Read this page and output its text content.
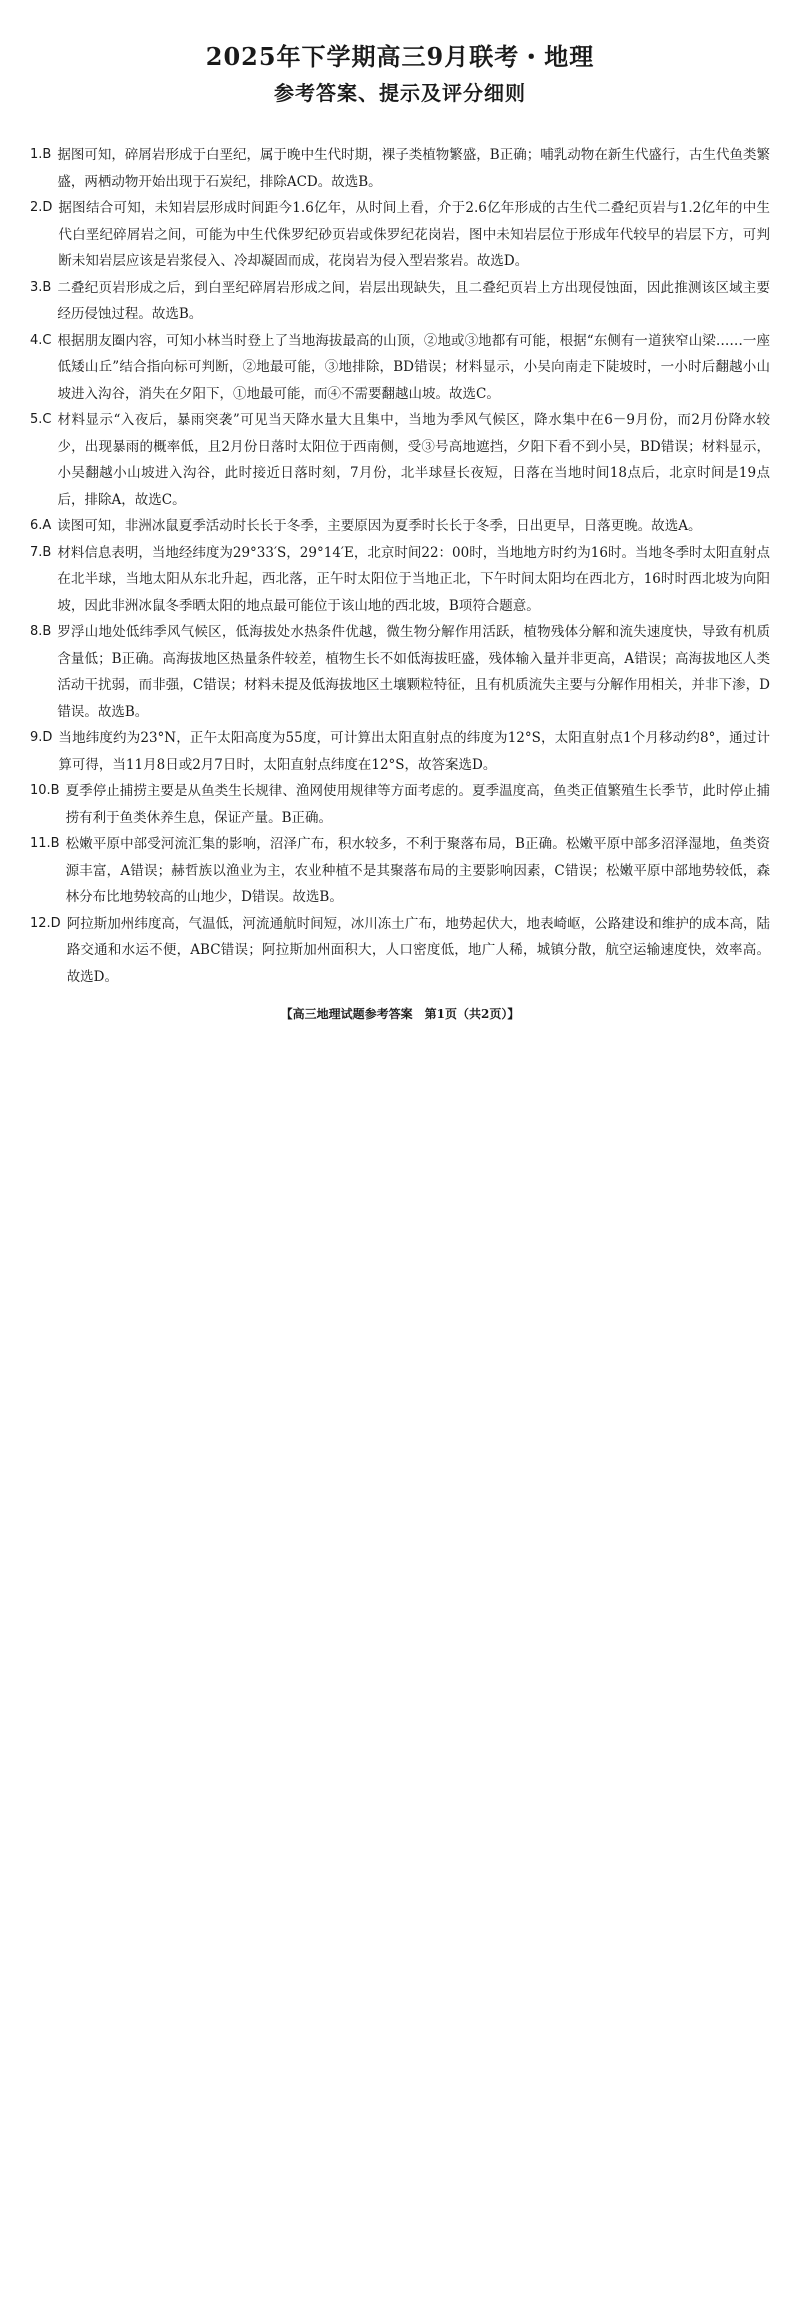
2025年下学期高三9月联考・地理
参考答案、提示及评分细则
1.B 据图可知，碎屑岩形成于白垩纪，属于晚中生代时期，裸子类植物繁盛，B正确；哺乳动物在新生代盛行，古生代鱼类繁盛，两栖动物开始出现于石炭纪，排除ACD。故选B。
2.D 据图结合可知，未知岩层形成时间距今1.6亿年，从时间上看，介于2.6亿年形成的古生代二叠纪页岩与1.2亿年的中生代白垩纪碎屑岩之间，可能为中生代侏罗纪砂页岩或侏罗纪花岗岩，图中未知岩层位于形成年代较早的岩层下方，可判断未知岩层应该是岩浆侵入、冷却凝固而成，花岗岩为侵入型岩浆岩。故选D。
3.B 二叠纪页岩形成之后，到白垩纪碎屑岩形成之间，岩层出现缺失，且二叠纪页岩上方出现侵蚀面，因此推测该区域主要经历侵蚀过程。故选B。
4.C 根据朋友圈内容，可知小林当时登上了当地海拔最高的山顶，②地或③地都有可能，根据“东侧有一道狭窄山梁……一座低矮山丘”结合指向标可判断，②地最可能，③地排除，BD错误；材料显示，小吴向南走下陡坡时，一小时后翻越小山坡进入沟谷，消失在夕阳下，①地最可能，而④不需要翻越山坡。故选C。
5.C 材料显示“入夜后，暴雨突袭”可见当天降水量大且集中，当地为季风气候区，降水集中在6－9月份，而2月份降水较少，出现暴雨的概率低，且2月份日落时太阳位于西南侧，受③号高地遮挡，夕阳下看不到小吴，BD错误；材料显示，小吴翻越小山坡进入沟谷，此时接近日落时刻，7月份，北半球昼长夜短，日落在当地时间18点后，北京时间是19点后，排除A，故选C。
6.A 读图可知，非洲冰鼠夏季活动时长长于冬季，主要原因为夏季时长长于冬季，日出更早，日落更晚。故选A。
7.B 材料信息表明，当地经纬度为29°33′S，29°14′E，北京时间22：00时，当地地方时约为16时。当地冬季时太阳直射点在北半球，当地太阳从东北升起，西北落，正午时太阳位于当地正北，下午时间太阳均在西北方，16时时西北坡为向阳坡，因此非洲冰鼠冬季晒太阳的地点最可能位于该山地的西北坡，B项符合题意。
8.B 罗浮山地处低纬季风气候区，低海拔处水热条件优越，微生物分解作用活跃，植物残体分解和流失速度快，导致有机质含量低；B正确。高海拔地区热量条件较差，植物生长不如低海拔旺盛，残体输入量并非更高，A错误；高海拔地区人类活动干扰弱，而非强，C错误；材料未提及低海拔地区土壤颗粒特征，且有机质流失主要与分解作用相关，并非下渗，D错误。故选B。
9.D 当地纬度约为23°N，正午太阳高度为55度，可计算出太阳直射点的纬度为12°S，太阳直射点1个月移动约8°，通过计算可得，当11月8日或2月7日时，太阳直射点纬度在12°S，故答案选D。
10.B 夏季停止捕捞主要是从鱼类生长规律、渔网使用规律等方面考虑的。夏季温度高，鱼类正值繁殖生长季节，此时停止捕捞有利于鱼类休养生息，保证产量。B正确。
11.B 松嫩平原中部受河流汇集的影响，沼泽广布，积水较多，不利于聚落布局，B正确。松嫩平原中部多沼泽湿地，鱼类资源丰富，A错误；赫哲族以渔业为主，农业种植不是其聚落布局的主要影响因素，C错误；松嫩平原中部地势较低，森林分布比地势较高的山地少，D错误。故选B。
12.D 阿拉斯加州纬度高，气温低，河流通航时间短，冰川冻土广布，地势起伏大，地表崎岖，公路建设和维护的成本高，陆路交通和水运不便，ABC错误；阿拉斯加州面积大，人口密度低，地广人稀，城镇分散，航空运输速度快，效率高。故选D。
【高三地理试题参考答案　第1页（共2页）】
